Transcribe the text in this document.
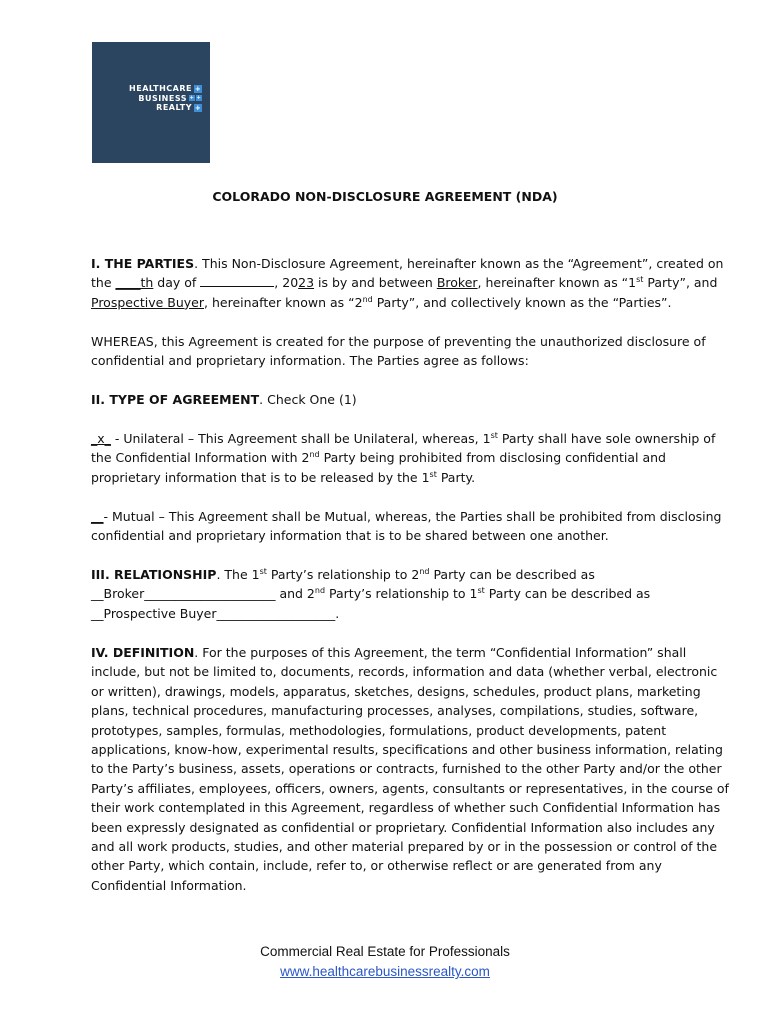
HEALTHCARE +
BUSINESS + +
REALTY +
COLORADO NON-DISCLOSURE AGREEMENT (NDA)
I. THE PARTIES. This Non-Disclosure Agreement, hereinafter known as the “Agreement”, created on the ____th day of	, 2023 is by and between Broker, hereinafter known as “1st Party”, and Prospective Buyer, hereinafter known as “2nd Party”, and collectively known as the “Parties”.
WHEREAS, this Agreement is created for the purpose of preventing the unauthorized disclosure of confidential and proprietary information. The Parties agree as follows:
II. TYPE OF AGREEMENT. Check One (1)
_x_ - Unilateral – This Agreement shall be Unilateral, whereas, 1st Party shall have sole ownership of the Confidential Information with 2nd Party being prohibited from disclosing confidential and proprietary information that is to be released by the 1st Party.
__- Mutual – This Agreement shall be Mutual, whereas, the Parties shall be prohibited from disclosing confidential and proprietary information that is to be shared between one another.
III. RELATIONSHIP. The 1st Party’s relationship to 2nd Party can be described as
__Broker_____________________ and 2nd Party’s relationship to 1st Party can be described as
__Prospective Buyer___________________.
IV. DEFINITION. For the purposes of this Agreement, the term “Confidential Information” shall include, but not be limited to, documents, records, information and data (whether verbal, electronic or written), drawings, models, apparatus, sketches, designs, schedules, product plans, marketing plans, technical procedures, manufacturing processes, analyses, compilations, studies, software, prototypes, samples, formulas, methodologies, formulations, product developments, patent applications, know-how, experimental results, specifications and other business information, relating to the Party’s business, assets, operations or contracts, furnished to the other Party and/or the other Party’s affiliates, employees, officers, owners, agents, consultants or representatives, in the course of their work contemplated in this Agreement, regardless of whether such Confidential Information has been expressly designated as confidential or proprietary. Confidential Information also includes any and all work products, studies, and other material prepared by or in the possession or control of the other Party, which contain, include, refer to, or otherwise reflect or are generated from any Confidential Information.
Commercial Real Estate for Professionals
www.healthcarebusinessrealty.com
